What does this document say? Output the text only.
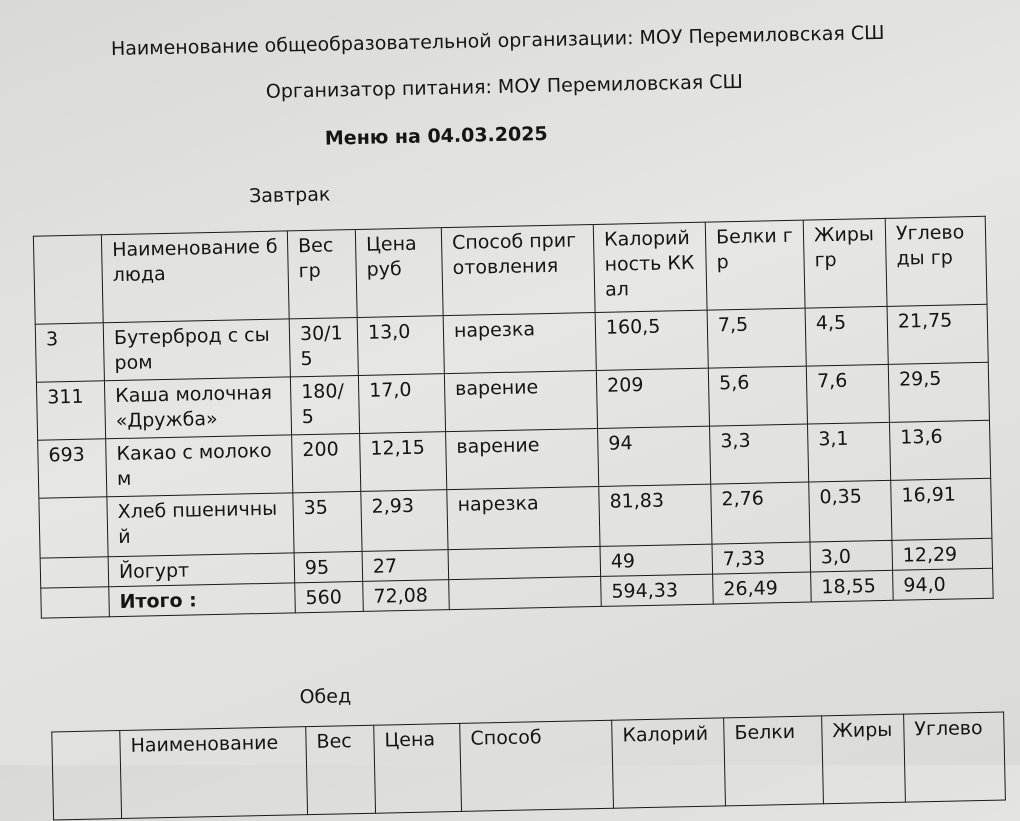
Наименование общеобразовательной организации: МОУ Перемиловская СШ
Организатор питания: МОУ Перемиловская СШ
Меню на 04.03.2025
Завтрак
	Наименование блюда	Вес гр	Цена руб	Способ приготовления	Калорийность ККал	Белки гр	Жиры гр	Углеводы гр
3	Бутерброд с сыром	30/15	13,0	нарезка	160,5	7,5	4,5	21,75
311	Каша молочная «Дружба»	180/5	17,0	варение	209	5,6	7,6	29,5
693	Какао с молоком	200	12,15	варение	94	3,3	3,1	13,6
	Хлеб пшеничный	35	2,93	нарезка	81,83	2,76	0,35	16,91
	Йогурт	95	27		49	7,33	3,0	12,29
	Итого :	560	72,08		594,33	26,49	18,55	94,0
Обед
	Наименование	Вес	Цена	Способ	Калорий	Белки	Жиры	Углево
